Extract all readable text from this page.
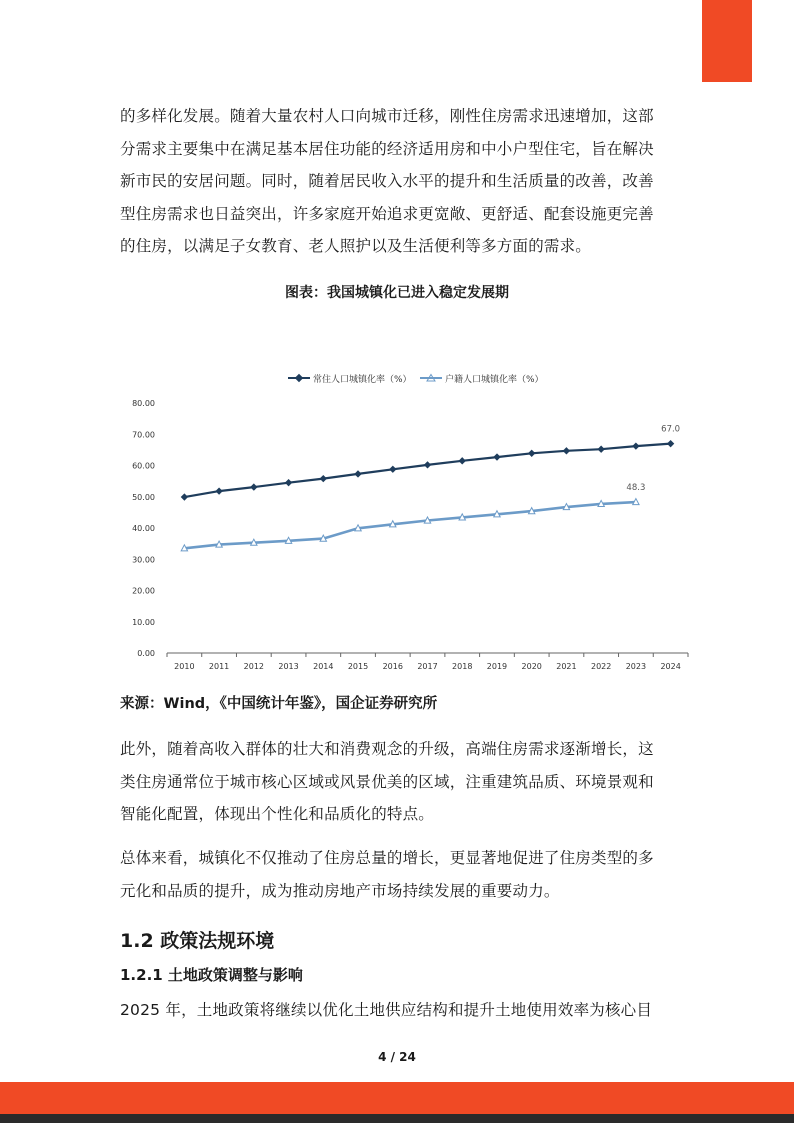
的多样化发展。随着大量农村人口向城市迁移，刚性住房需求迅速增加，这部
分需求主要集中在满足基本居住功能的经济适用房和中小户型住宅，旨在解决
新市民的安居问题。同时，随着居民收入水平的提升和生活质量的改善，改善
型住房需求也日益突出，许多家庭开始追求更宽敞、更舒适、配套设施更完善
的住房，以满足子女教育、老人照护以及生活便利等多方面的需求。

图表：我国城镇化已进入稳定发展期

常住人口城镇化率（%）	户籍人口城镇化率（%）
0.00
10.00
20.00
30.00
40.00
50.00
60.00
70.00
80.00
2010 2011 2012 2013 2014 2015 2016 2017 2018 2019 2020 2021 2022 2023 2024
67.0
48.3

来源：Wind，《中国统计年鉴》，国企证券研究所

此外，随着高收入群体的壮大和消费观念的升级，高端住房需求逐渐增长，这
类住房通常位于城市核心区域或风景优美的区域，注重建筑品质、环境景观和
智能化配置，体现出个性化和品质化的特点。
总体来看，城镇化不仅推动了住房总量的增长，更显著地促进了住房类型的多
元化和品质的提升，成为推动房地产市场持续发展的重要动力。

1.2 政策法规环境

1.2.1 土地政策调整与影响

2025 年，土地政策将继续以优化土地供应结构和提升土地使用效率为核心目
4 / 24
